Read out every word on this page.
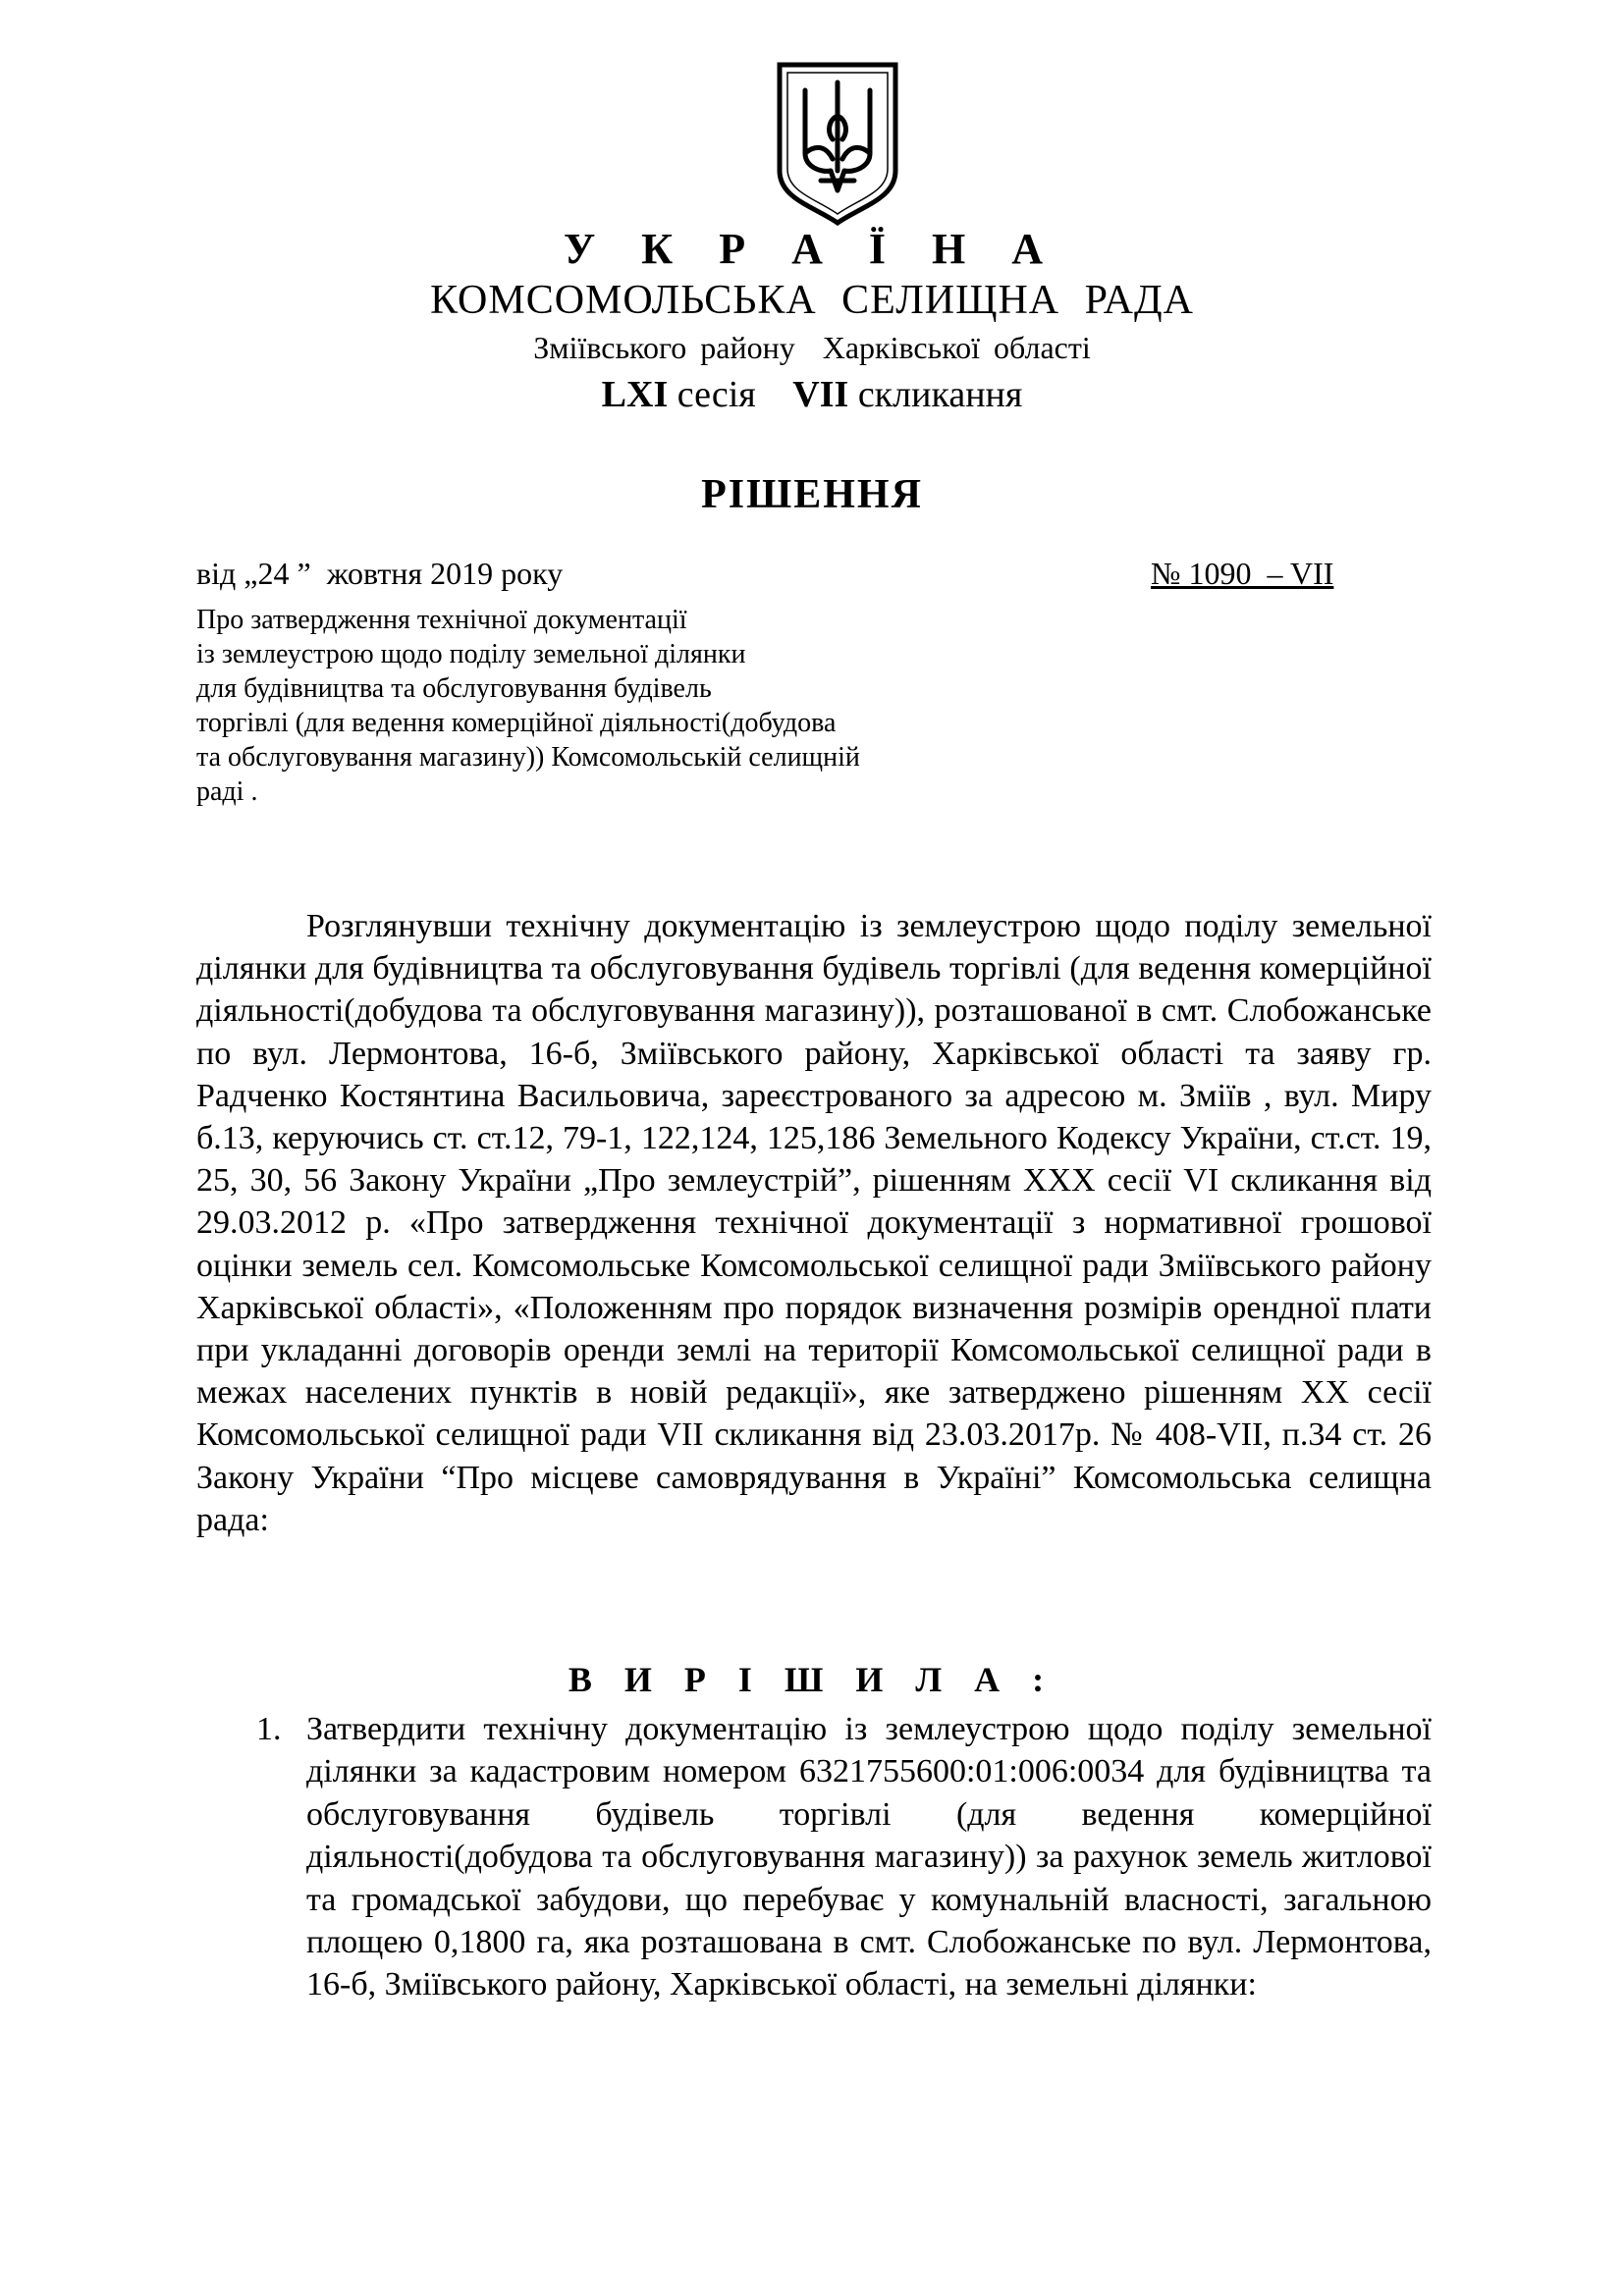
У К Р А Ї Н А
КОМСОМОЛЬСЬКА СЕЛИЩНА РАДА
Зміївського району Харківської області
LXI сесія VII скликання
РІШЕННЯ
від „24 ”  жовтня 2019 року	№ 1090  – VII
Про затвердження технічної документації
із землеустрою щодо поділу земельної ділянки
для будівництва та обслуговування будівель
торгівлі (для ведення комерційної діяльності(добудова
та обслуговування магазину)) Комсомольській селищній
раді .

Розглянувши технічну документацію із землеустрою щодо поділу земельної ділянки для будівництва та обслуговування будівель торгівлі (для ведення комерційної діяльності(добудова та обслуговування магазину)), розташованої в смт. Слобожанське по вул. Лермонтова, 16-б, Зміївського району, Харківської області та заяву гр. Радченко Костянтина Васильовича, зареєстрованого за адресою м. Зміїв , вул. Миру б.13, керуючись ст. ст.12, 79-1, 122,124, 125,186 Земельного Кодексу України, ст.ст. 19, 25, 30, 56 Закону України „Про землеустрій”, рішенням ХХХ сесії VІ скликання від 29.03.2012 р. «Про затвердження технічної документації з нормативної грошової оцінки земель сел. Комсомольське Комсомольської селищної ради Зміївського району Харківської області», «Положенням про порядок визначення розмірів орендної плати при укладанні договорів оренди землі на території Комсомольської селищної ради в межах населених пунктів в новій редакції», яке затверджено рішенням ХХ сесії Комсомольської селищної ради VІІ скликання від 23.03.2017р. № 408-VІІ, п.34 ст. 26 Закону України “Про місцеве самоврядування в Україні” Комсомольська селищна рада:

В И Р І Ш И Л А :
1. Затвердити технічну документацію із землеустрою щодо поділу земельної ділянки за кадастровим номером 6321755600:01:006:0034 для будівництва та обслуговування будівель торгівлі (для ведення комерційної діяльності(добудова та обслуговування магазину)) за рахунок земель житлової та громадської забудови, що перебуває у комунальній власності, загальною площею 0,1800 га, яка розташована в смт. Слобожанське по вул. Лермонтова, 16-б, Зміївського району, Харківської області, на земельні ділянки:
